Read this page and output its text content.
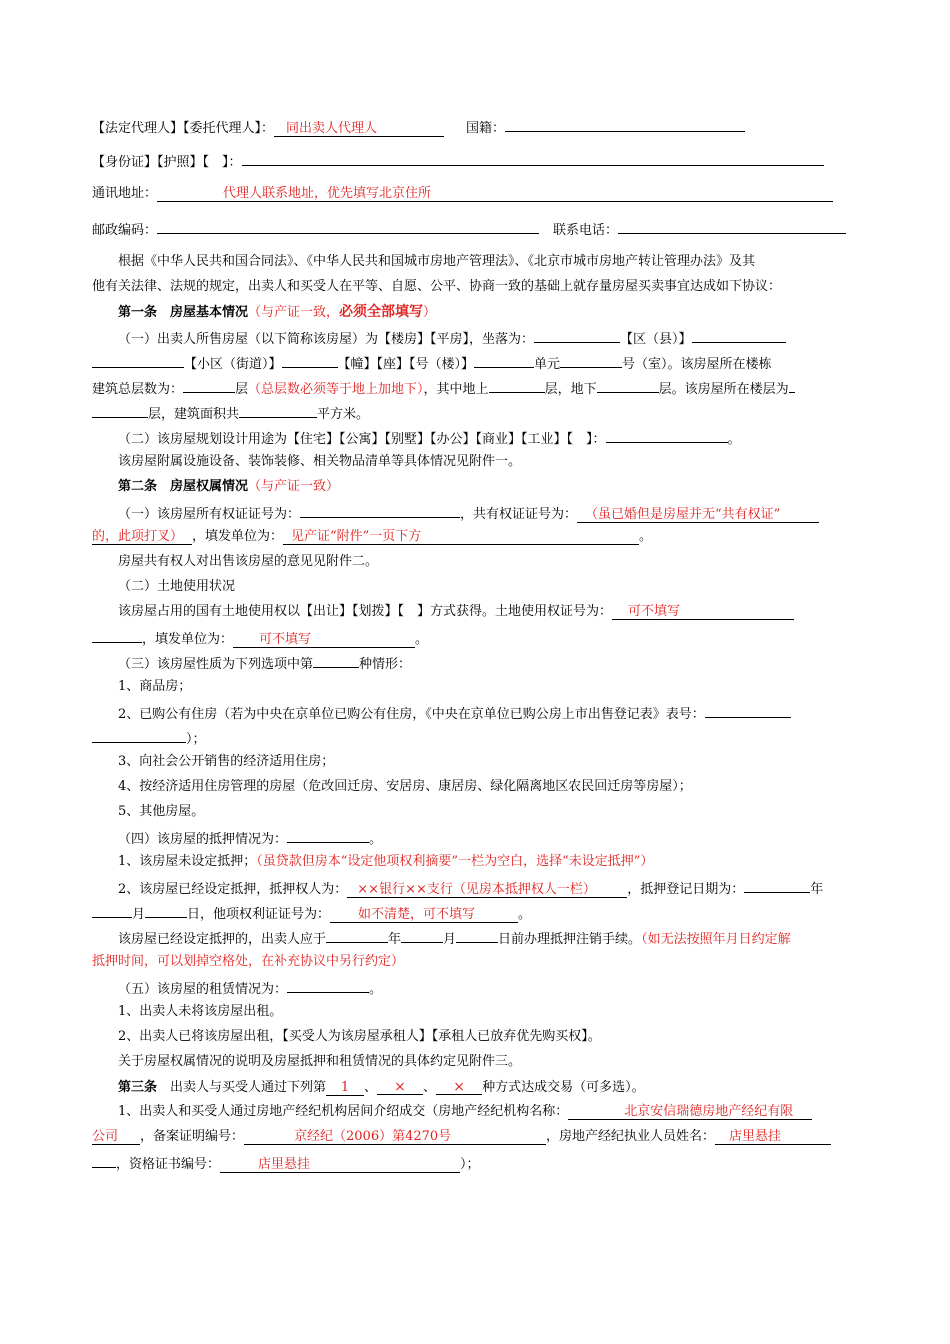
【法定代理人】【委托代理人】： 同出卖人代理人	国籍：
【身份证】【护照】【　】：
通讯地址：	代理人联系地址，优先填写北京住所
邮政编码：	联系电话：
根据《中华人民共和国合同法》、《中华人民共和国城市房地产管理法》、《北京市城市房地产转让管理办法》及其
他有关法律、法规的规定，出卖人和买受人在平等、自愿、公平、协商一致的基础上就存量房屋买卖事宜达成如下协议：
第一条　房屋基本情况（与产证一致，必须全部填写）
（一）出卖人所售房屋（以下简称该房屋）为【楼房】【平房】，坐落为：	【区（县）】
【小区（街道）】	【幢】【座】【号（楼）】	单元	号（室）。该房屋所在楼栋
建筑总层数为：	层（总层数必须等于地上加地下），其中地上	层，地下	层。该房屋所在楼层为
层，建筑面积共	平方米。
（二）该房屋规划设计用途为【住宅】【公寓】【别墅】【办公】【商业】【工业】【　】：	。
该房屋附属设施设备、装饰装修、相关物品清单等具体情况见附件一。
第二条　房屋权属情况（与产证一致）
（一）该房屋所有权证证号为：	，共有权证证号为： （虽已婚但是房屋并无“共有权证”
的，此项打叉） ，填发单位为： 见产证“附件”一页下方	。
房屋共有权人对出售该房屋的意见见附件二。
（二）土地使用状况
该房屋占用的国有土地使用权以【出让】【划拨】【　】方式获得。土地使用权证号为： 可不填写
，填发单位为： 可不填写	。
（三）该房屋性质为下列选项中第	种情形：
1、商品房；
2、已购公有住房（若为中央在京单位已购公有住房，《中央在京单位已购公房上市出售登记表》表号：
）；
3、向社会公开销售的经济适用住房；
4、按经济适用住房管理的房屋（危改回迁房、安居房、康居房、绿化隔离地区农民回迁房等房屋）；
5、其他房屋。
（四）该房屋的抵押情况为：	。
1、该房屋未设定抵押；（虽贷款但房本“设定他项权利摘要”一栏为空白，选择“未设定抵押”）
2、该房屋已经设定抵押，抵押权人为： ××银行××支行（见房本抵押权人一栏） ，抵押登记日期为：	年
月	日，他项权利证证号为： 如不清楚，可不填写	。
该房屋已经设定抵押的，出卖人应于	年	月	日前办理抵押注销手续。（如无法按照年月日约定解
抵押时间，可以划掉空格处，在补充协议中另行约定）
（五）该房屋的租赁情况为：	。
1、出卖人未将该房屋出租。
2、出卖人已将该房屋出租，【买受人为该房屋承租人】【承租人已放弃优先购买权】。
关于房屋权属情况的说明及房屋抵押和租赁情况的具体约定见附件三。
第三条　出卖人与买受人通过下列第 1 、 × 、 × 种方式达成交易（可多选）。
1、出卖人和买受人通过房地产经纪机构居间介绍成交（房地产经纪机构名称：	北京安信瑞德房地产经纪有限
公司 ，备案证明编号：	京经纪（2006）第4270号	，房地产经纪执业人员姓名： 店里悬挂
，资格证书编号：	店里悬挂	）；
